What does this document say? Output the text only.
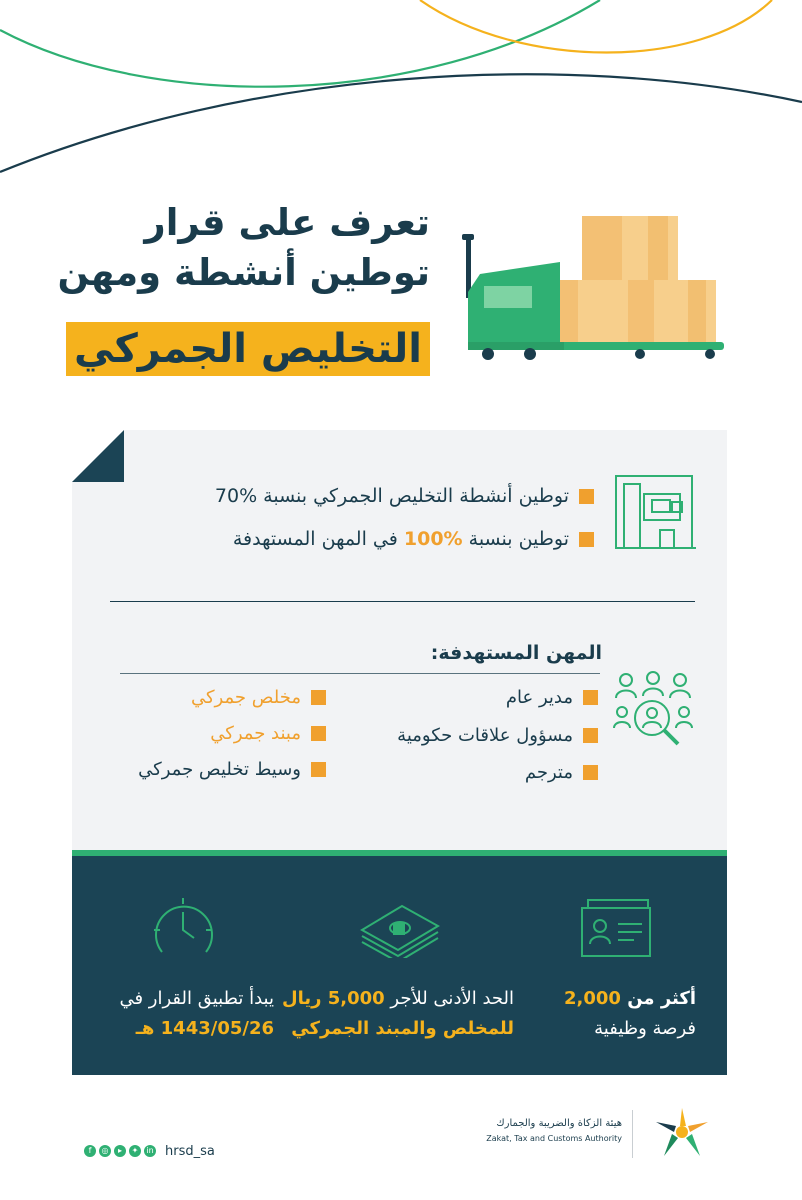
تعرف على قرار
توطين أنشطة ومهن
التخليص الجمركي
توطين أنشطة التخليص الجمركي بنسبة %70
توطين بنسبة %100 في المهن المستهدفة
المهن المستهدفة:
مدير عام
مسؤول علاقات حكومية
مترجم
مخلص جمركي
مبند جمركي
وسيط تخليص جمركي
أكثر من 2,000
فرصة وظيفية
الحد الأدنى للأجر 5,000 ريال
للمخلص والمبند الجمركي
يبدأ تطبيق القرار في
1443/05/26 هـ
f	◎	▸	✦	in hrsd_sa
هيئة الزكاة والضريبة والجمارك
Zakat, Tax and Customs Authority
